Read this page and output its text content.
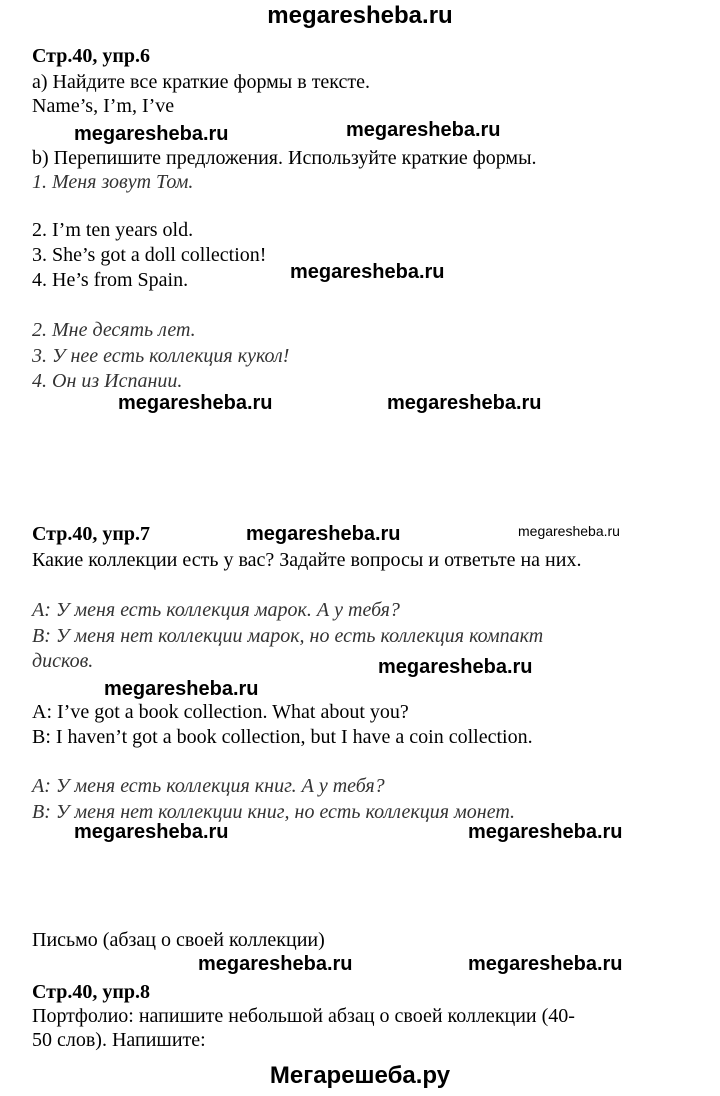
megaresheba.ru
Стр.40, упр.6
а) Найдите все краткие формы в тексте.
Name’s, I’m, I’ve
megaresheba.ru	megaresheba.ru
b) Перепишите предложения. Используйте краткие формы.
1. Меня зовут Том.
2. I’m ten years old.
3. She’s got a doll collection!
megaresheba.ru
4. He’s from Spain.
2. Мне десять лет.
3. У нее есть коллекция кукол!
4. Он из Испании.
megaresheba.ru	megaresheba.ru
Стр.40, упр.7	megaresheba.ru	megaresheba.ru
Какие коллекции есть у вас? Задайте вопросы и ответьте на них.
А: У меня есть коллекция марок. А у тебя?
В: У меня нет коллекции марок, но есть коллекция компакт
дисков.	megaresheba.ru
megaresheba.ru
A: I’ve got a book collection. What about you?
B: I haven’t got a book collection, but I have a coin collection.
А: У меня есть коллекция книг. А у тебя?
В: У меня нет коллекции книг, но есть коллекция монет.
megaresheba.ru	megaresheba.ru
Письмо (абзац о своей коллекции)
megaresheba.ru	megaresheba.ru
Стр.40, упр.8
Портфолио: напишите небольшой абзац о своей коллекции (40-
50 слов). Напишите:
Мегарешеба.ру
